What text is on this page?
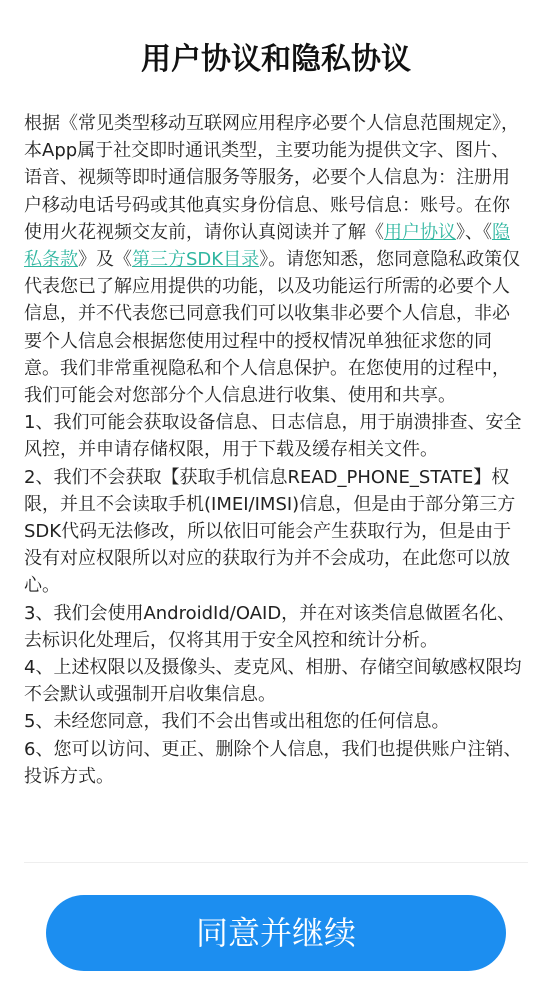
用户协议和隐私协议

根据《常见类型移动互联网应用程序必要个人信息范围规定》，本App属于社交即时通讯类型，主要功能为提供文字、图片、语音、视频等即时通信服务等服务，必要个人信息为：注册用户移动电话号码或其他真实身份信息、账号信息：账号。在你使用火花视频交友前，请你认真阅读并了解《用户协议》、《隐私条款》及《第三方SDK目录》。请您知悉，您同意隐私政策仅代表您已了解应用提供的功能，以及功能运行所需的必要个人信息，并不代表您已同意我们可以收集非必要个人信息，非必要个人信息会根据您使用过程中的授权情况单独征求您的同意。我们非常重视隐私和个人信息保护。在您使用的过程中，我们可能会对您部分个人信息进行收集、使用和共享。

1、我们可能会获取设备信息、日志信息，用于崩溃排查、安全风控，并申请存储权限，用于下载及缓存相关文件。

2、我们不会获取【获取手机信息READ_PHONE_STATE】权限，并且不会读取手机(IMEI/IMSI)信息，但是由于部分第三方SDK代码无法修改，所以依旧可能会产生获取行为，但是由于没有对应权限所以对应的获取行为并不会成功，在此您可以放心。

3、我们会使用AndroidId/OAID，并在对该类信息做匿名化、去标识化处理后，仅将其用于安全风控和统计分析。

4、上述权限以及摄像头、麦克风、相册、存储空间敏感权限均不会默认或强制开启收集信息。

5、未经您同意，我们不会出售或出租您的任何信息。

6、您可以访问、更正、删除个人信息，我们也提供账户注销、投诉方式。

同意并继续
